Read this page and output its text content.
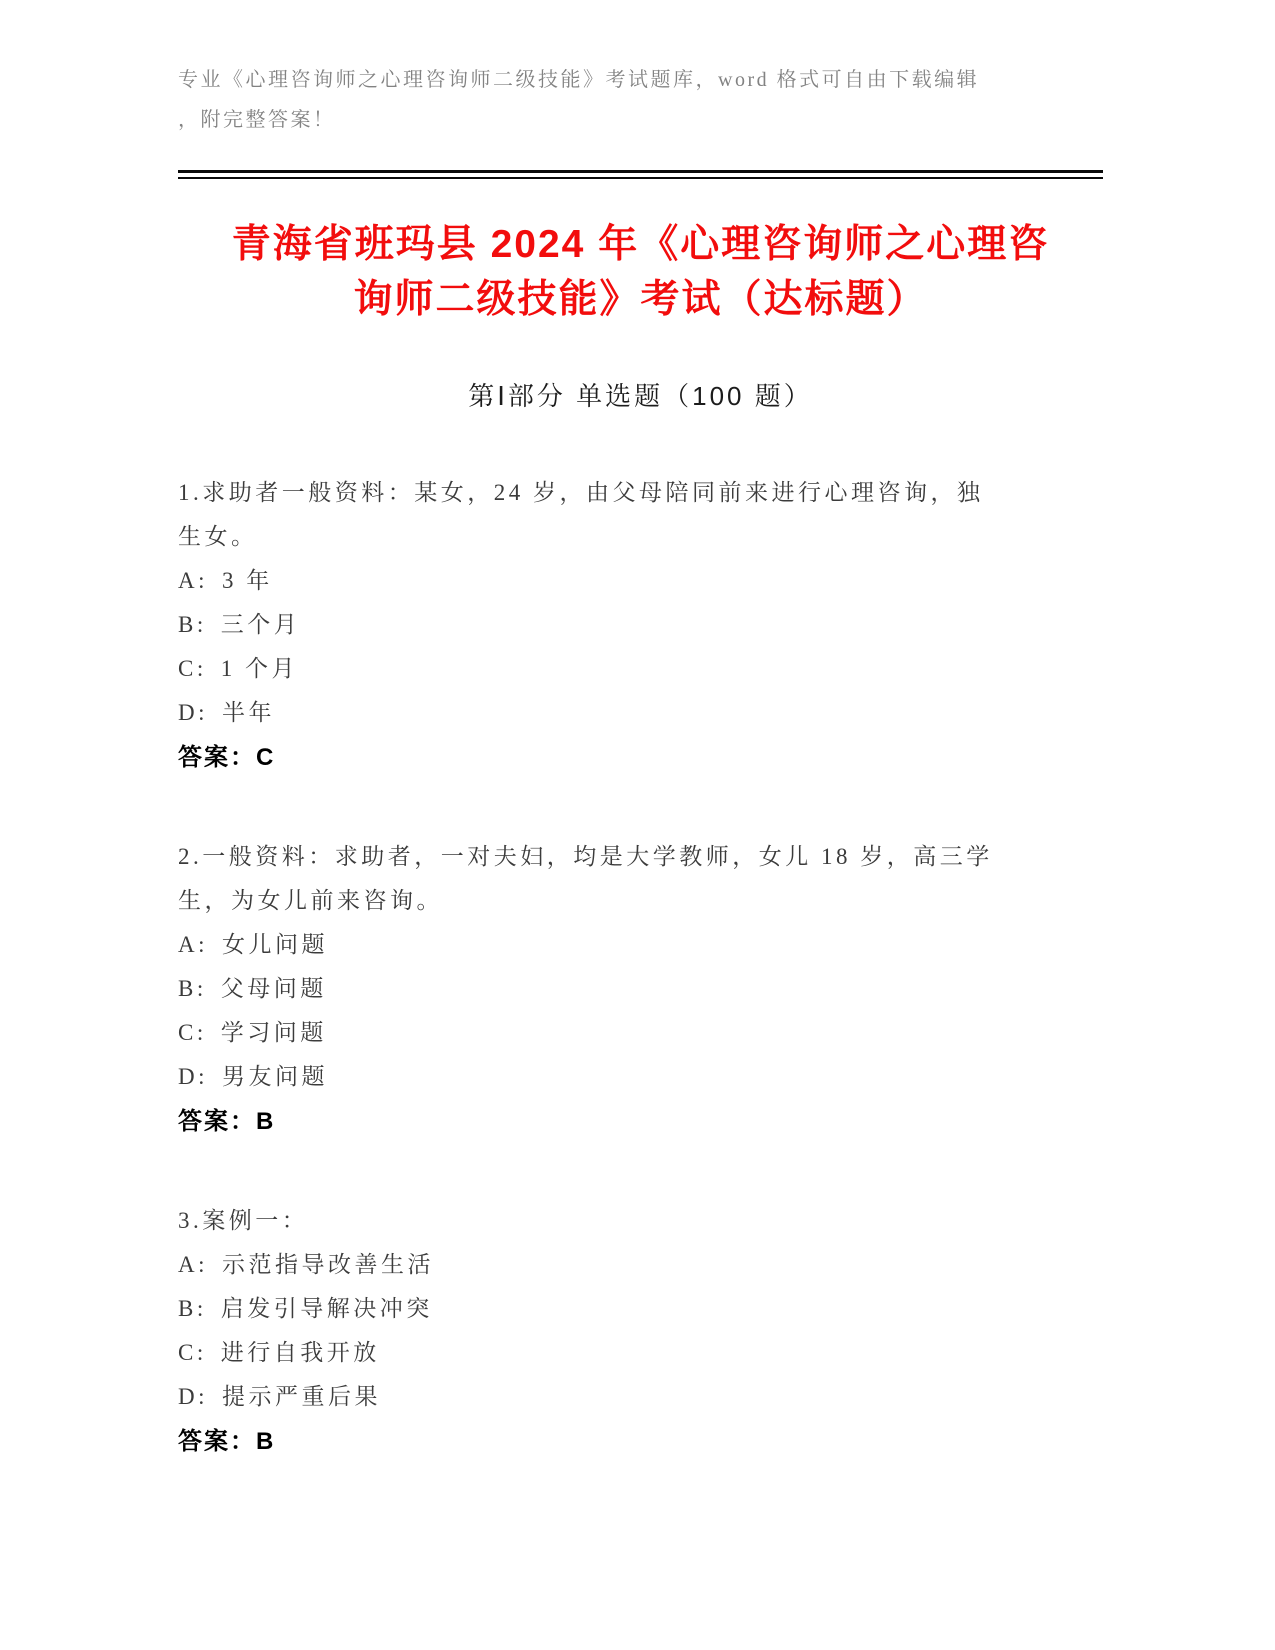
专业《心理咨询师之心理咨询师二级技能》考试题库，word 格式可自由下载编辑
，附完整答案！
青海省班玛县 2024 年《心理咨询师之心理咨
询师二级技能》考试（达标题）
第Ⅰ部分 单选题（100 题）
1.求助者一般资料：某女，24 岁，由父母陪同前来进行心理咨询，独
生女。
A: 3 年
B: 三个月
C: 1 个月
D: 半年
答案：C
2.一般资料：求助者，一对夫妇，均是大学教师，女儿 18 岁，高三学
生，为女儿前来咨询。
A: 女儿问题
B: 父母问题
C: 学习问题
D: 男友问题
答案：B
3.案例一：
A: 示范指导改善生活
B: 启发引导解决冲突
C: 进行自我开放
D: 提示严重后果
答案：B
